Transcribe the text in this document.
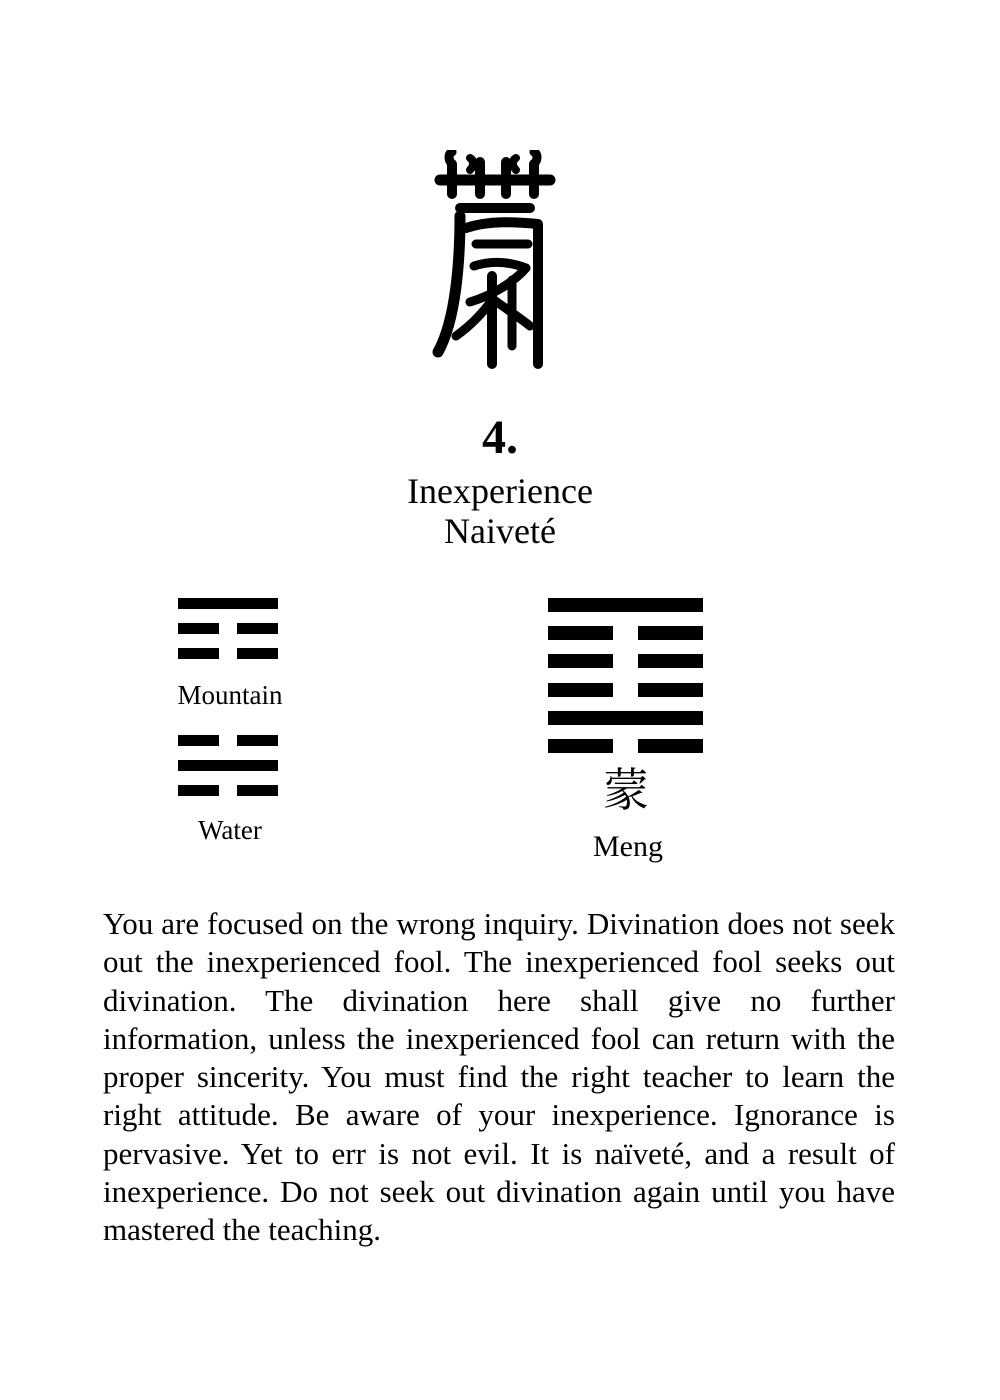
4.
Inexperience
Naiveté
Mountain
Water
蒙
Meng

You are focused on the wrong inquiry. Divination does not seek out the inexperienced fool. The inexperienced fool seeks out divination. The divination here shall give no further information, unless the inexperienced fool can return with the proper sincerity. You must find the right teacher to learn the right attitude. Be aware of your inexperience. Ignorance is pervasive. Yet to err is not evil. It is naïveté, and a result of inexperience. Do not seek out divination again until you have mastered the teaching.
